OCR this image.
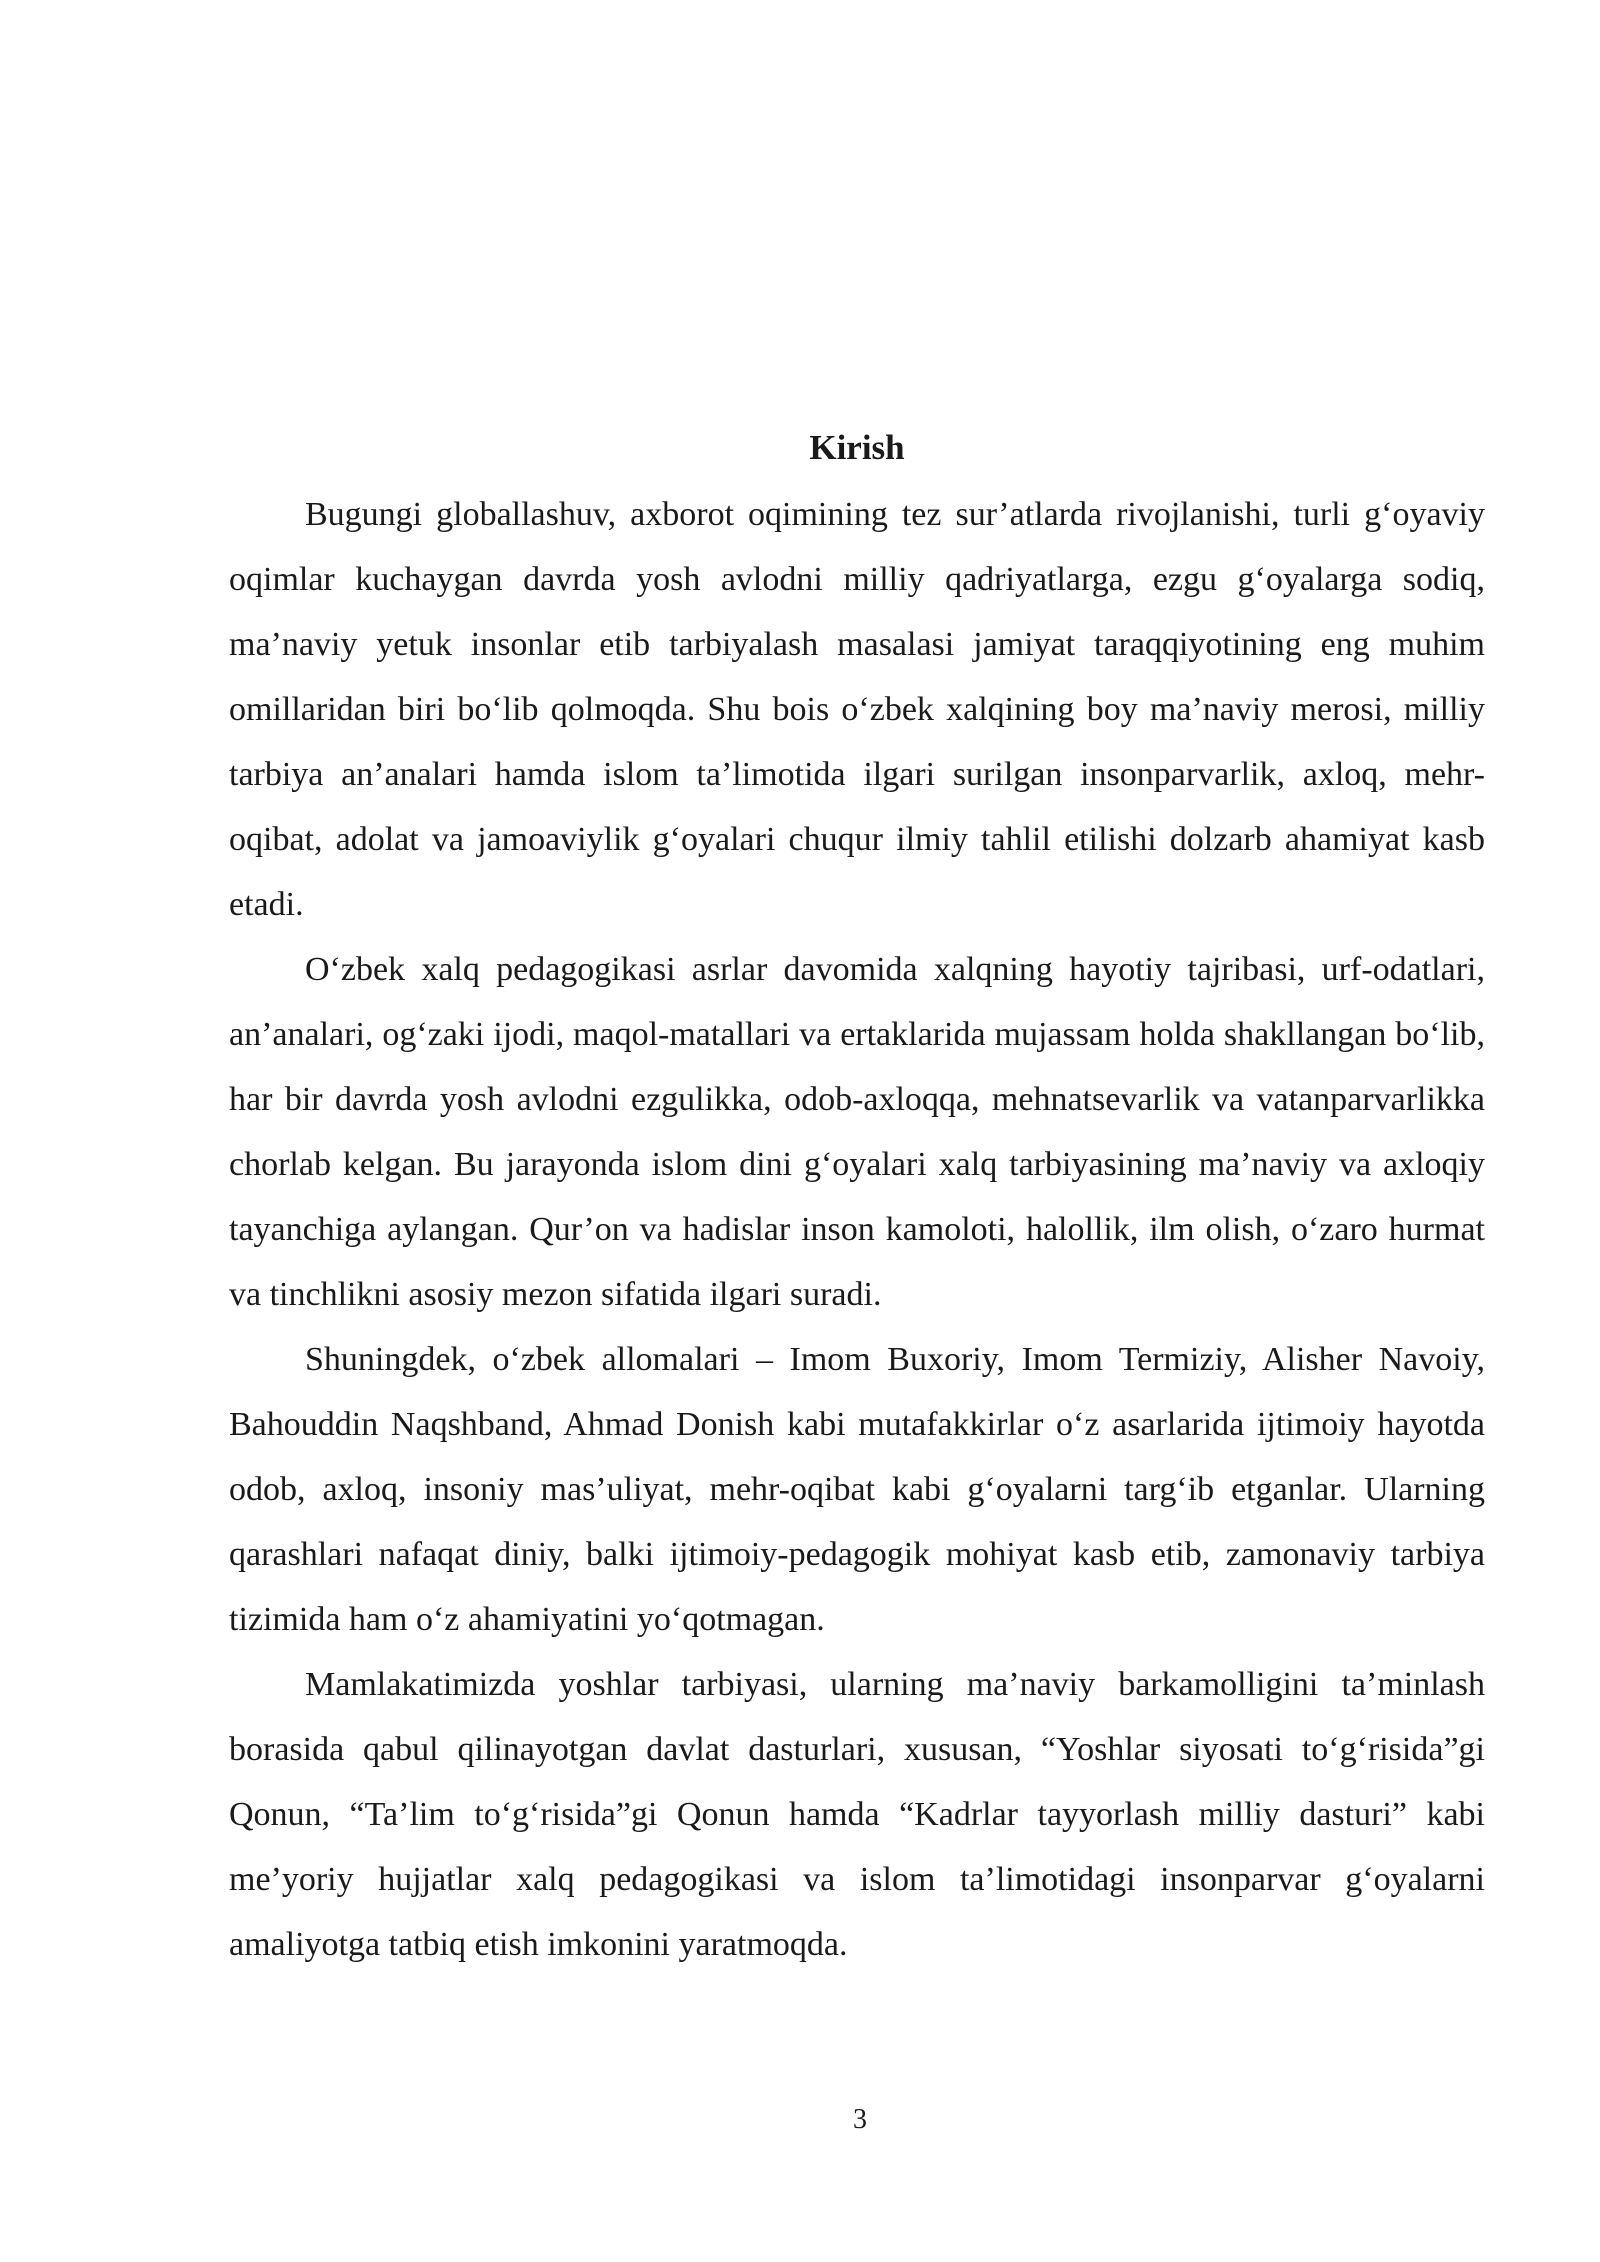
Kirish

Bugungi globallashuv, axborot oqimining tez sur’atlarda rivojlanishi, turli g‘oyaviy oqimlar kuchaygan davrda yosh avlodni milliy qadriyatlarga, ezgu g‘oyalarga sodiq, ma’naviy yetuk insonlar etib tarbiyalash masalasi jamiyat taraqqiyotining eng muhim omillaridan biri bo‘lib qolmoqda. Shu bois o‘zbek xalqining boy ma’naviy merosi, milliy tarbiya an’analari hamda islom ta’limotida ilgari surilgan insonparvarlik, axloq, mehr-oqibat, adolat va jamoaviylik g‘oyalari chuqur ilmiy tahlil etilishi dolzarb ahamiyat kasb etadi.

O‘zbek xalq pedagogikasi asrlar davomida xalqning hayotiy tajribasi, urf-odatlari, an’analari, og‘zaki ijodi, maqol-matallari va ertaklarida mujassam holda shakllangan bo‘lib, har bir davrda yosh avlodni ezgulikka, odob-axloqqa, mehnatsevarlik va vatanparvarlikka chorlab kelgan. Bu jarayonda islom dini g‘oyalari xalq tarbiyasining ma’naviy va axloqiy tayanchiga aylangan. Qur’on va hadislar inson kamoloti, halollik, ilm olish, o‘zaro hurmat va tinchlikni asosiy mezon sifatida ilgari suradi.

Shuningdek, o‘zbek allomalari – Imom Buxoriy, Imom Termiziy, Alisher Navoiy, Bahouddin Naqshband, Ahmad Donish kabi mutafakkirlar o‘z asarlarida ijtimoiy hayotda odob, axloq, insoniy mas’uliyat, mehr-oqibat kabi g‘oyalarni targ‘ib etganlar. Ularning qarashlari nafaqat diniy, balki ijtimoiy-pedagogik mohiyat kasb etib, zamonaviy tarbiya tizimida ham o‘z ahamiyatini yo‘qotmagan.

Mamlakatimizda yoshlar tarbiyasi, ularning ma’naviy barkamolligini ta’minlash borasida qabul qilinayotgan davlat dasturlari, xususan, “Yoshlar siyosati to‘g‘risida”gi Qonun, “Ta’lim to‘g‘risida”gi Qonun hamda “Kadrlar tayyorlash milliy dasturi” kabi me’yoriy hujjatlar xalq pedagogikasi va islom ta’limotidagi insonparvar g‘oyalarni amaliyotga tatbiq etish imkonini yaratmoqda.

3
